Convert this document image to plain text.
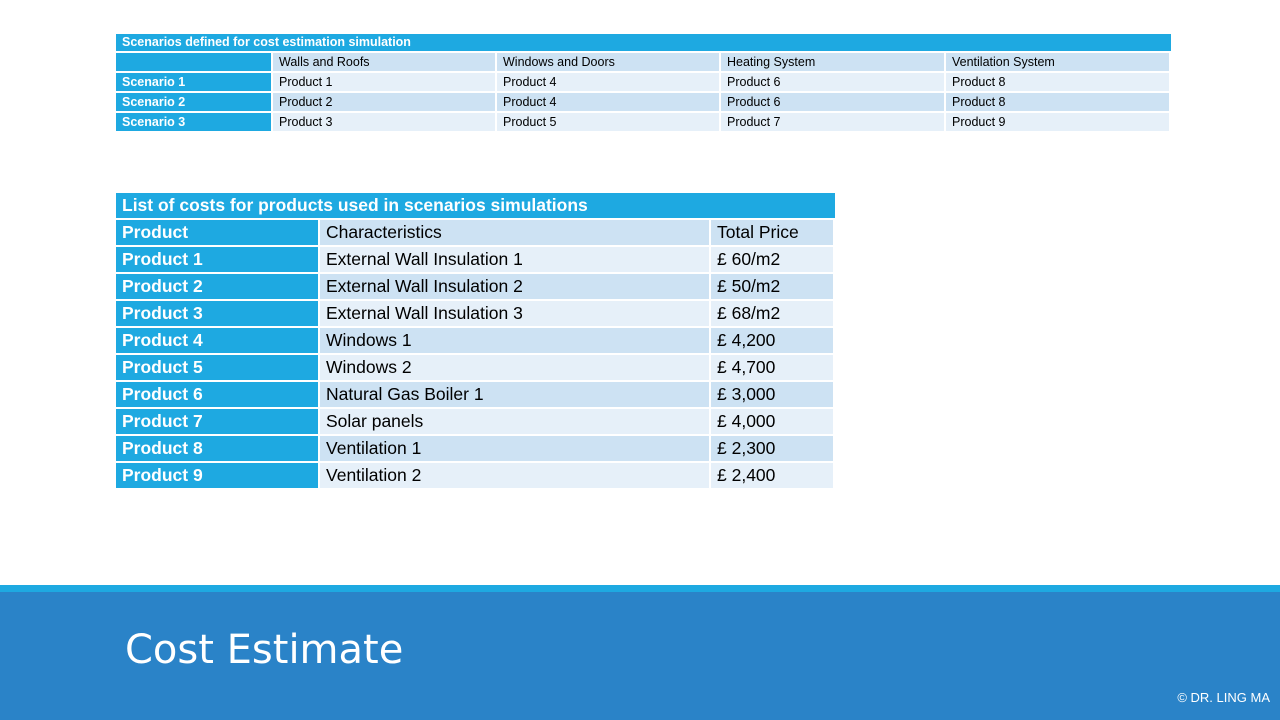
Scenarios defined for cost estimation simulation				
	Walls and Roofs	Windows and Doors	Heating System	Ventilation System
Scenario 1	Product 1	Product 4	Product 6	Product 8
Scenario 2	Product 2	Product 4	Product 6	Product 8
Scenario 3	Product 3	Product 5	Product 7	Product 9
List of costs for products used in scenarios simulations		
Product	Characteristics	Total Price
Product 1	External Wall Insulation 1	£ 60/m2
Product 2	External Wall Insulation 2	£ 50/m2
Product 3	External Wall Insulation 3	£ 68/m2
Product 4	Windows 1	£ 4,200
Product 5	Windows 2	£ 4,700
Product 6	Natural Gas Boiler 1	£ 3,000
Product 7	Solar panels	£ 4,000
Product 8	Ventilation 1	£ 2,300
Product 9	Ventilation 2	£ 2,400
Cost Estimate
© DR. LING MA
